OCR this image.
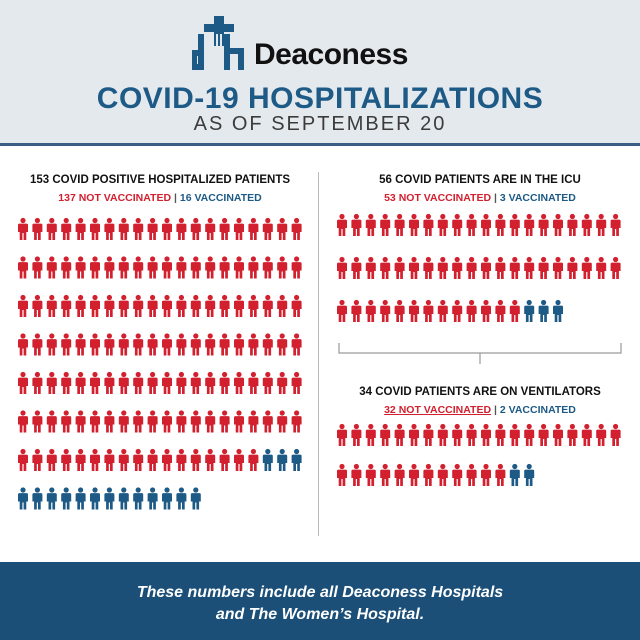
Deaconess
COVID-19 HOSPITALIZATIONS
AS OF SEPTEMBER 20
153 COVID POSITIVE HOSPITALIZED PATIENTS
137 NOT VACCINATED | 16 VACCINATED
56 COVID PATIENTS ARE IN THE ICU
53 NOT VACCINATED | 3 VACCINATED
34 COVID PATIENTS ARE ON VENTILATORS
32 NOT VACCINATED | 2 VACCINATED
These numbers include all Deaconess Hospitals
and The Women’s Hospital.
